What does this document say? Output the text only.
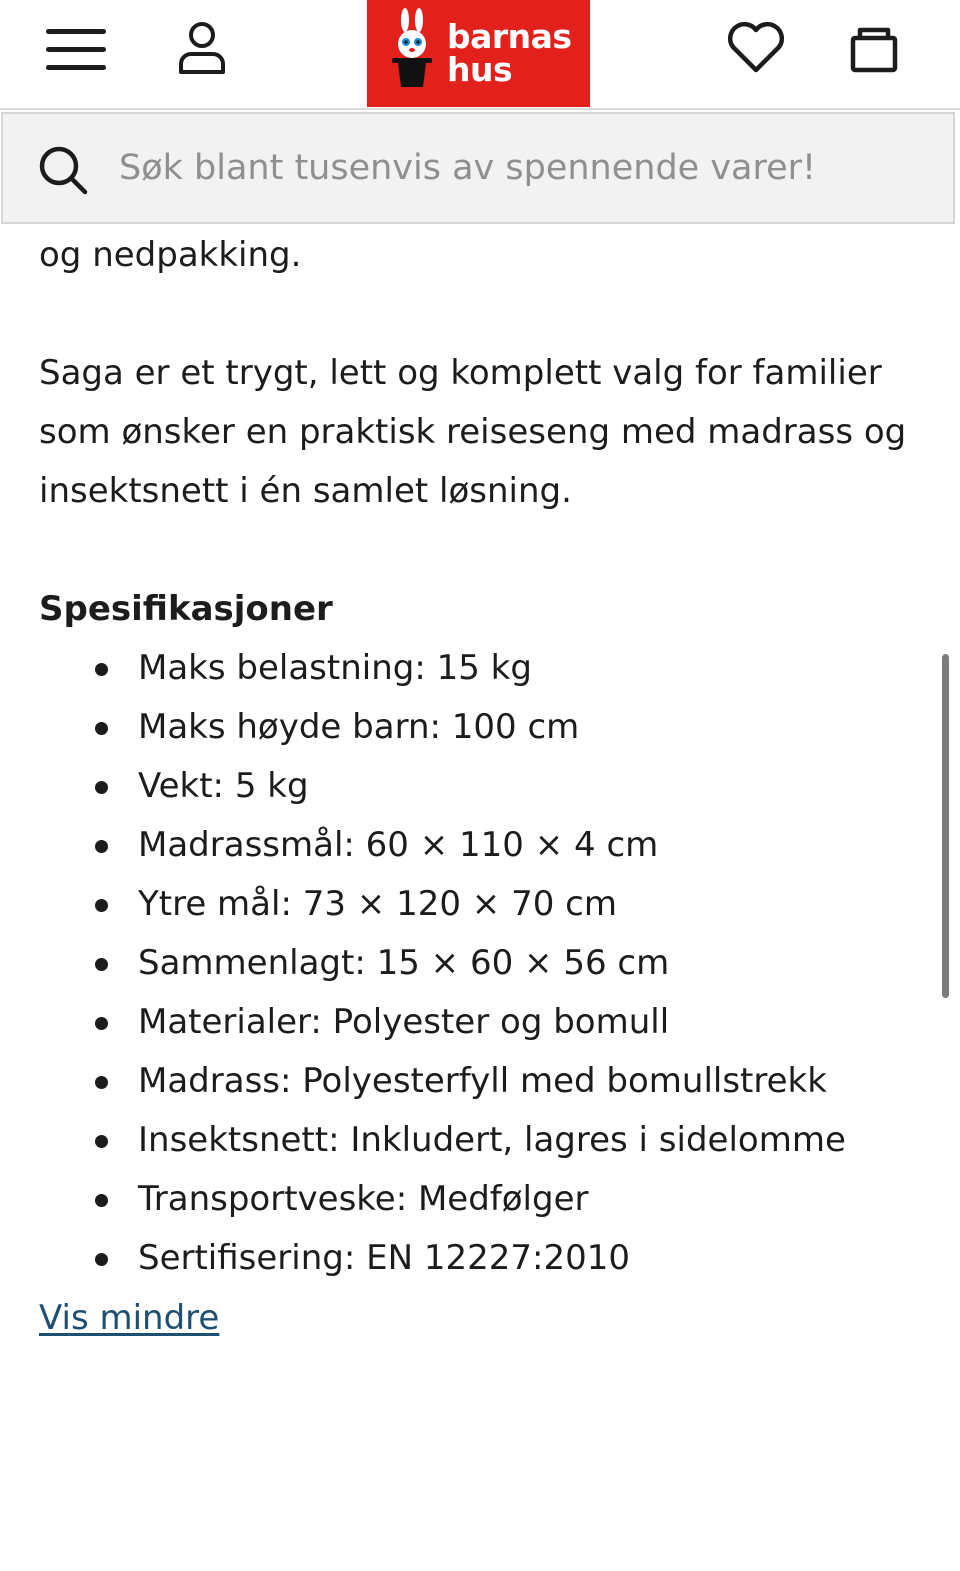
barnas
hus
Søk blant tusenvis av spennende varer!

og nedpakking.

Saga er et trygt, lett og komplett valg for familier som ønsker en praktisk reiseseng med madrass og insektsnett i én samlet løsning.

Spesifikasjoner
Maks belastning: 15 kg
Maks høyde barn: 100 cm
Vekt: 5 kg
Madrassmål: 60 × 110 × 4 cm
Ytre mål: 73 × 120 × 70 cm
Sammenlagt: 15 × 60 × 56 cm
Materialer: Polyester og bomull
Madrass: Polyesterfyll med bomullstrekk
Insektsnett: Inkludert, lagres i sidelomme
Transportveske: Medfølger
Sertifisering: EN 12227:2010
Vis mindre
